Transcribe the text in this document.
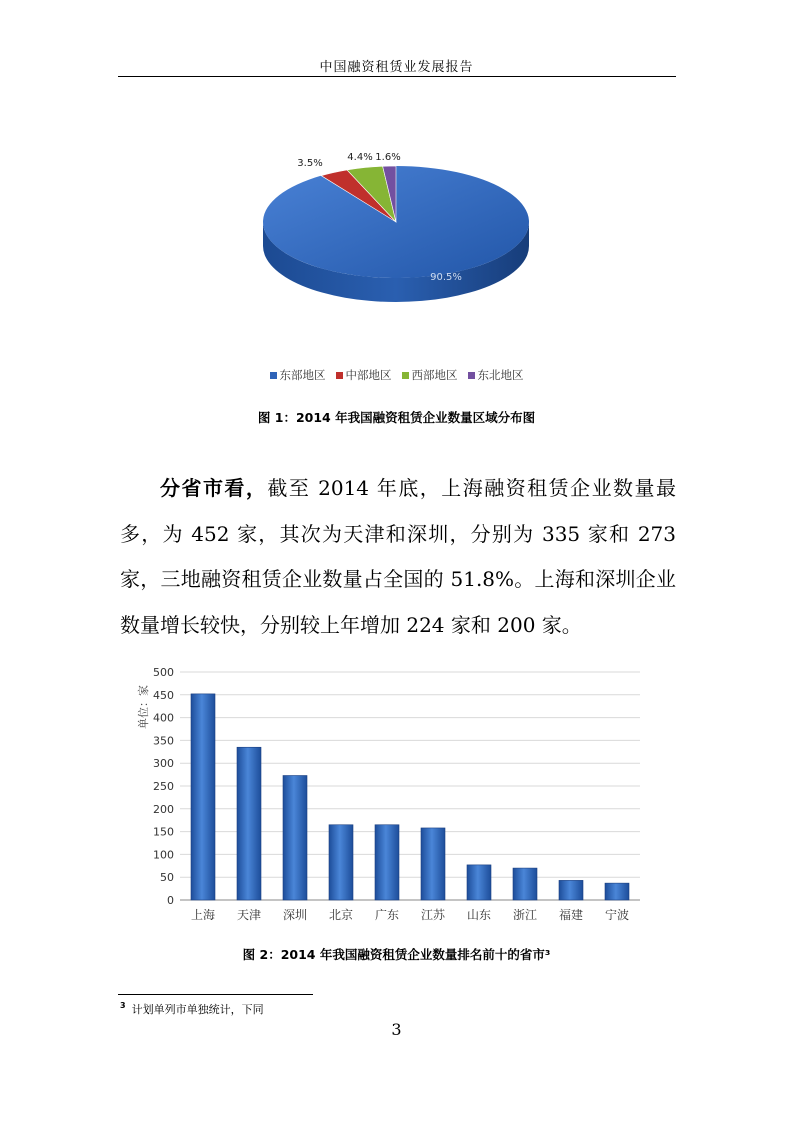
中国融资租赁业发展报告
90.5%
3.5%
4.4% 1.6%
东部地区 中部地区 西部地区 东北地区
图 1：2014 年我国融资租赁企业数量区域分布图

分省市看，截至 2014 年底，上海融资租赁企业数量最多，为 452 家，其次为天津和深圳，分别为 335 家和 273 家，三地融资租赁企业数量占全国的 51.8%。上海和深圳企业数量增长较快，分别较上年增加 224 家和 200 家。

0
50
100
150
200
250
300
350
400
450
500
上海 天津 深圳 北京 广东 江苏 山东 浙江 福建 宁波
单位：家
图 2：2014 年我国融资租赁企业数量排名前十的省市³
$^3$ 计划单列市单独统计，下同
3
